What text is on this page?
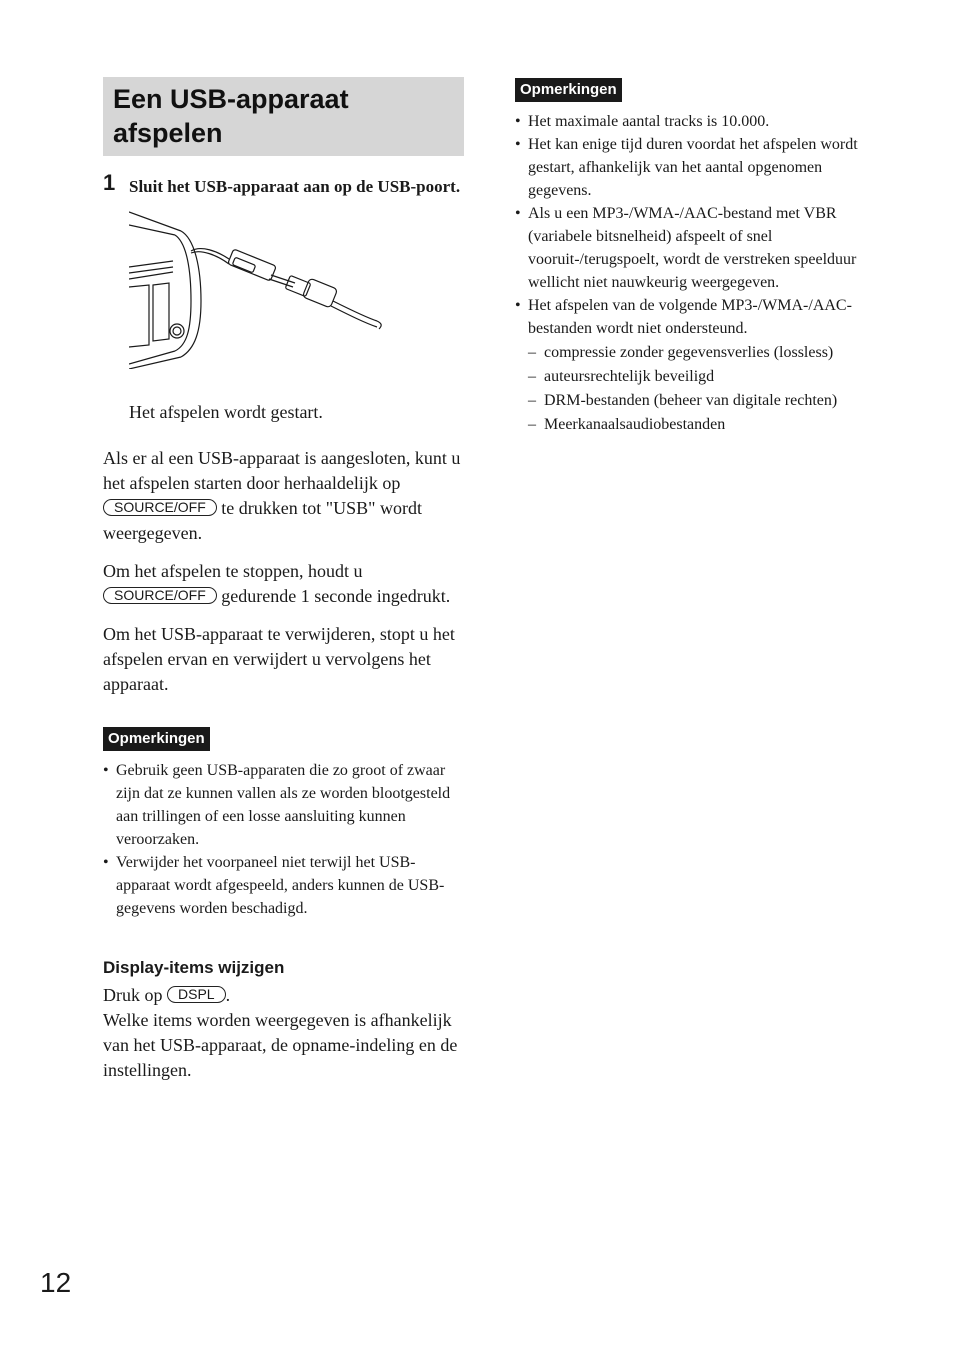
Een USB-apparaat afspelen
1 Sluit het USB-apparaat aan op de USB-poort.

Het afspelen wordt gestart.

Als er al een USB-apparaat is aangesloten, kunt u het afspelen starten door herhaaldelijk op SOURCE/OFF te drukken tot "USB" wordt weergegeven.

Om het afspelen te stoppen, houdt u SOURCE/OFF gedurende 1 seconde ingedrukt.

Om het USB-apparaat te verwijderen, stopt u het afspelen ervan en verwijdert u vervolgens het apparaat.

Opmerkingen
• Gebruik geen USB-apparaten die zo groot of zwaar zijn dat ze kunnen vallen als ze worden blootgesteld aan trillingen of een losse aansluiting kunnen veroorzaken.
• Verwijder het voorpaneel niet terwijl het USB-apparaat wordt afgespeeld, anders kunnen de USB-gegevens worden beschadigd.
Display-items wijzigen

Druk op DSPL .
Welke items worden weergegeven is afhankelijk van het USB-apparaat, de opname-indeling en de instellingen.

Opmerkingen
• Het maximale aantal tracks is 10.000.
• Het kan enige tijd duren voordat het afspelen wordt gestart, afhankelijk van het aantal opgenomen gegevens.
• Als u een MP3-/WMA-/AAC-bestand met VBR (variabele bitsnelheid) afspeelt of snel vooruit-/terugspoelt, wordt de verstreken speelduur wellicht niet nauwkeurig weergegeven.
• Het afspelen van de volgende MP3-/WMA-/AAC-bestanden wordt niet ondersteund.
– compressie zonder gegevensverlies (lossless)
– auteursrechtelijk beveiligd
– DRM-bestanden (beheer van digitale rechten)
– Meerkanaalsaudiobestanden
12
